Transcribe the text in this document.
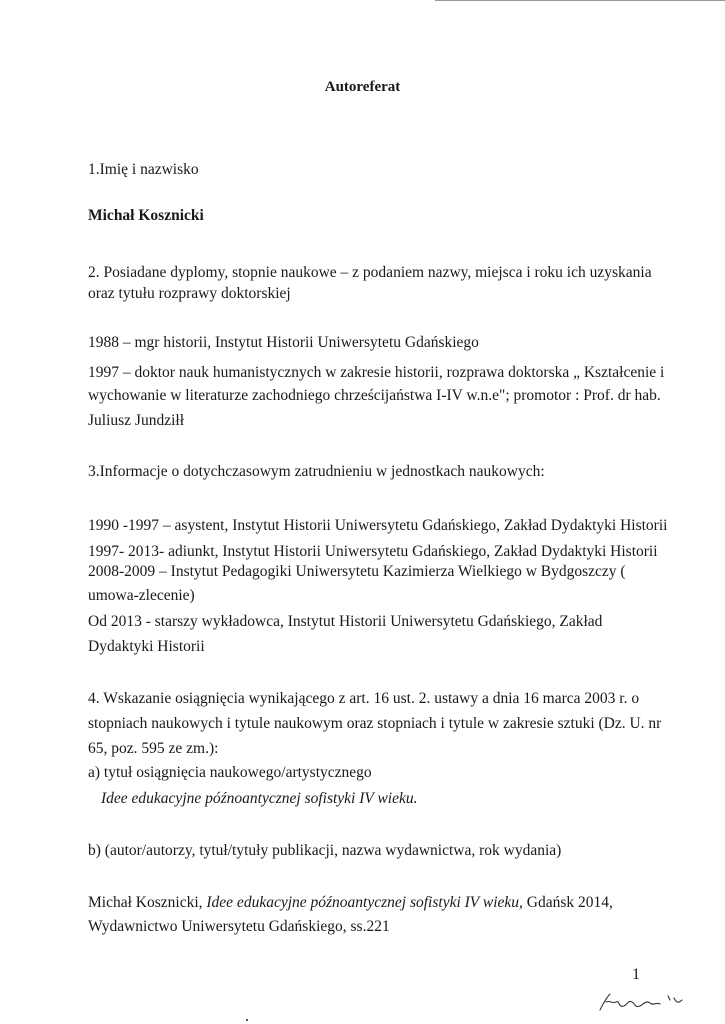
Autoreferat
1.Imię i nazwisko
Michał Kosznicki
2. Posiadane dyplomy, stopnie naukowe – z podaniem nazwy, miejsca i roku ich uzyskania
oraz tytułu rozprawy doktorskiej
1988 – mgr historii, Instytut Historii Uniwersytetu Gdańskiego
1997 – doktor nauk humanistycznych w zakresie historii, rozprawa doktorska „ Kształcenie i
wychowanie w literaturze zachodniego chrześcijaństwa I-IV w.n.e"; promotor : Prof. dr hab.
Juliusz Jundziłł
3.Informacje o dotychczasowym zatrudnieniu w jednostkach naukowych:
1990 -1997 – asystent, Instytut Historii Uniwersytetu Gdańskiego, Zakład Dydaktyki Historii
1997- 2013- adiunkt, Instytut Historii Uniwersytetu Gdańskiego, Zakład Dydaktyki Historii
2008-2009 – Instytut Pedagogiki Uniwersytetu Kazimierza Wielkiego w Bydgoszczy (
umowa-zlecenie)
Od 2013 - starszy wykładowca, Instytut Historii Uniwersytetu Gdańskiego, Zakład
Dydaktyki Historii
4. Wskazanie osiągnięcia wynikającego z art. 16 ust. 2. ustawy a dnia 16 marca 2003 r. o
stopniach naukowych i tytule naukowym oraz stopniach i tytule w zakresie sztuki (Dz. U. nr
65, poz. 595 ze zm.):
a) tytuł osiągnięcia naukowego/artystycznego
Idee edukacyjne późnoantycznej sofistyki IV wieku.
b) (autor/autorzy, tytuł/tytuły publikacji, nazwa wydawnictwa, rok wydania)
Michał Kosznicki, Idee edukacyjne późnoantycznej sofistyki IV wieku, Gdańsk 2014,
Wydawnictwo Uniwersytetu Gdańskiego, ss.221
1
